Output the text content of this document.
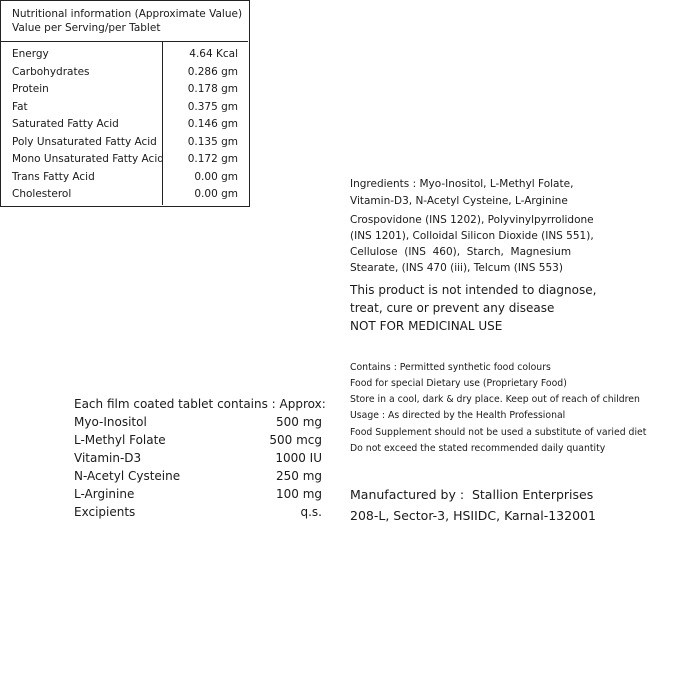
Nutritional information (Approximate Value)
Value per Serving/per Tablet
Energy	4.64 Kcal
Carbohydrates	0.286 gm
Protein	0.178 gm
Fat	0.375 gm
Saturated Fatty Acid	0.146 gm
Poly Unsaturated Fatty Acid	0.135 gm
Mono Unsaturated Fatty Acid 0.172 gm
Trans Fatty Acid	0.00 gm
Cholesterol	0.00 gm
Each film coated tablet contains : Approx:
Myo-Inositol	500 mg
L-Methyl Folate	500 mcg
Vitamin-D3	1000 IU
N-Acetyl Cysteine	250 mg
L-Arginine	100 mg
Excipients	q.s.
Ingredients : Myo-Inositol, L-Methyl Folate,
Vitamin-D3, N-Acetyl Cysteine, L-Arginine
Crospovidone (INS 1202), Polyvinylpyrrolidone
(INS 1201), Colloidal Silicon Dioxide (INS 551),
Cellulose  (INS  460),  Starch,  Magnesium
Stearate, (INS 470 (iii), Telcum (INS 553)
This product is not intended to diagnose,
treat, cure or prevent any disease
NOT FOR MEDICINAL USE
Contains : Permitted synthetic food colours
Food for special Dietary use (Proprietary Food)
Store in a cool, dark & dry place. Keep out of reach of children
Usage : As directed by the Health Professional
Food Supplement should not be used a substitute of varied diet
Do not exceed the stated recommended daily quantity
Manufactured by :  Stallion Enterprises
208-L, Sector-3, HSIIDC, Karnal-132001
